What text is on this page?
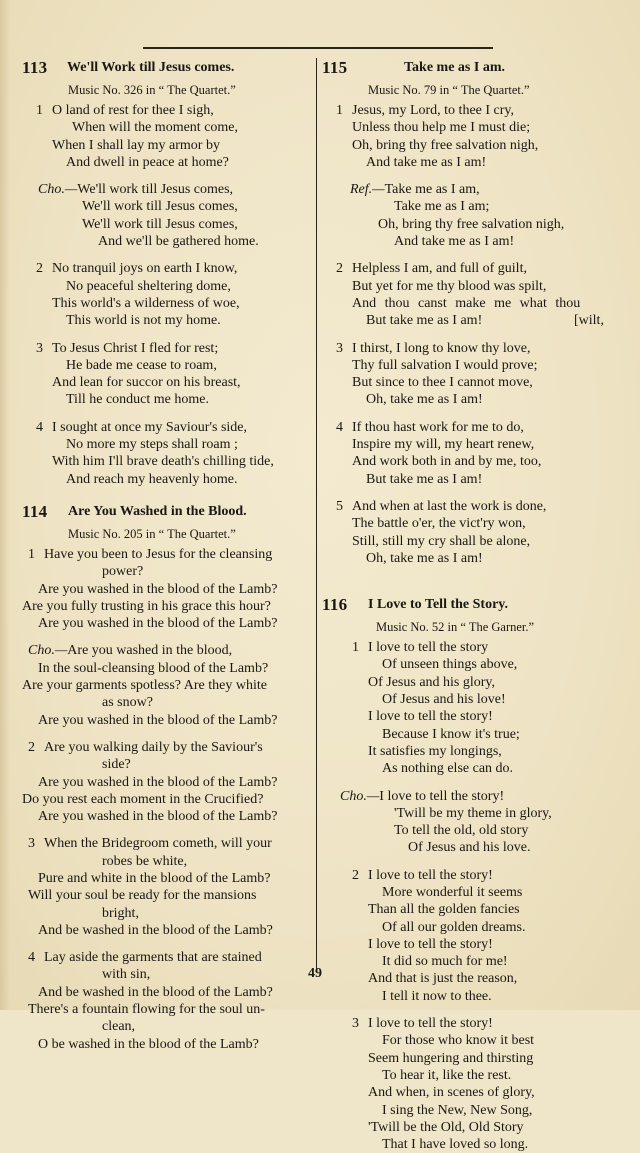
113 We'll Work till Jesus comes.
Music No. 326 in “ The Quartet.”
1 O land of rest for thee I sigh,
When will the moment come,
When I shall lay my armor by
And dwell in peace at home?
Cho.—We'll work till Jesus comes,
We'll work till Jesus comes,
We'll work till Jesus comes,
And we'll be gathered home.
2 No tranquil joys on earth I know,
No peaceful sheltering dome,
This world's a wilderness of woe,
This world is not my home.
3 To Jesus Christ I fled for rest;
He bade me cease to roam,
And lean for succor on his breast,
Till he conduct me home.
4 I sought at once my Saviour's side,
No more my steps shall roam ;
With him I'll brave death's chilling tide,
And reach my heavenly home.
114 Are You Washed in the Blood.
Music No. 205 in “ The Quartet.”
1 Have you been to Jesus for the cleansing
power?
Are you washed in the blood of the Lamb?
Are you fully trusting in his grace this hour?
Are you washed in the blood of the Lamb?
Cho.—Are you washed in the blood,
In the soul-cleansing blood of the Lamb?
Are your garments spotless? Are they white
as snow?
Are you washed in the blood of the Lamb?
2 Are you walking daily by the Saviour's
side?
Are you washed in the blood of the Lamb?
Do you rest each moment in the Crucified?
Are you washed in the blood of the Lamb?
3 When the Bridegroom cometh, will your
robes be white,
Pure and white in the blood of the Lamb?
Will your soul be ready for the mansions
bright,
And be washed in the blood of the Lamb?
4 Lay aside the garments that are stained
with sin,
And be washed in the blood of the Lamb?
There's a fountain flowing for the soul un-
clean,
O be washed in the blood of the Lamb?
115	Take me as I am.
Music No. 79 in “ The Quartet.”
1 Jesus, my Lord, to thee I cry,
Unless thou help me I must die;
Oh, bring thy free salvation nigh,
And take me as I am!
Ref.—Take me as I am,
Take me as I am;
Oh, bring thy free salvation nigh,
And take me as I am!
2 Helpless I am, and full of guilt,
But yet for me thy blood was spilt,
And thou canst make me what thou
But take me as I am!	[wilt,
3 I thirst, I long to know thy love,
Thy full salvation I would prove;
But since to thee I cannot move,
Oh, take me as I am!
4 If thou hast work for me to do,
Inspire my will, my heart renew,
And work both in and by me, too,
But take me as I am!
5 And when at last the work is done,
The battle o'er, the vict'ry won,
Still, still my cry shall be alone,
Oh, take me as I am!
116 I Love to Tell the Story.
Music No. 52 in “ The Garner.”
1 I love to tell the story
Of unseen things above,
Of Jesus and his glory,
Of Jesus and his love!
I love to tell the story!
Because I know it's true;
It satisfies my longings,
As nothing else can do.
Cho.—I love to tell the story!
'Twill be my theme in glory,
To tell the old, old story
Of Jesus and his love.
2 I love to tell the story!
More wonderful it seems
Than all the golden fancies
Of all our golden dreams.
I love to tell the story!
It did so much for me!
And that is just the reason,
I tell it now to thee.
3 I love to tell the story!
For those who know it best
Seem hungering and thirsting
To hear it, like the rest.
And when, in scenes of glory,
I sing the New, New Song,
'Twill be the Old, Old Story
That I have loved so long.
49
